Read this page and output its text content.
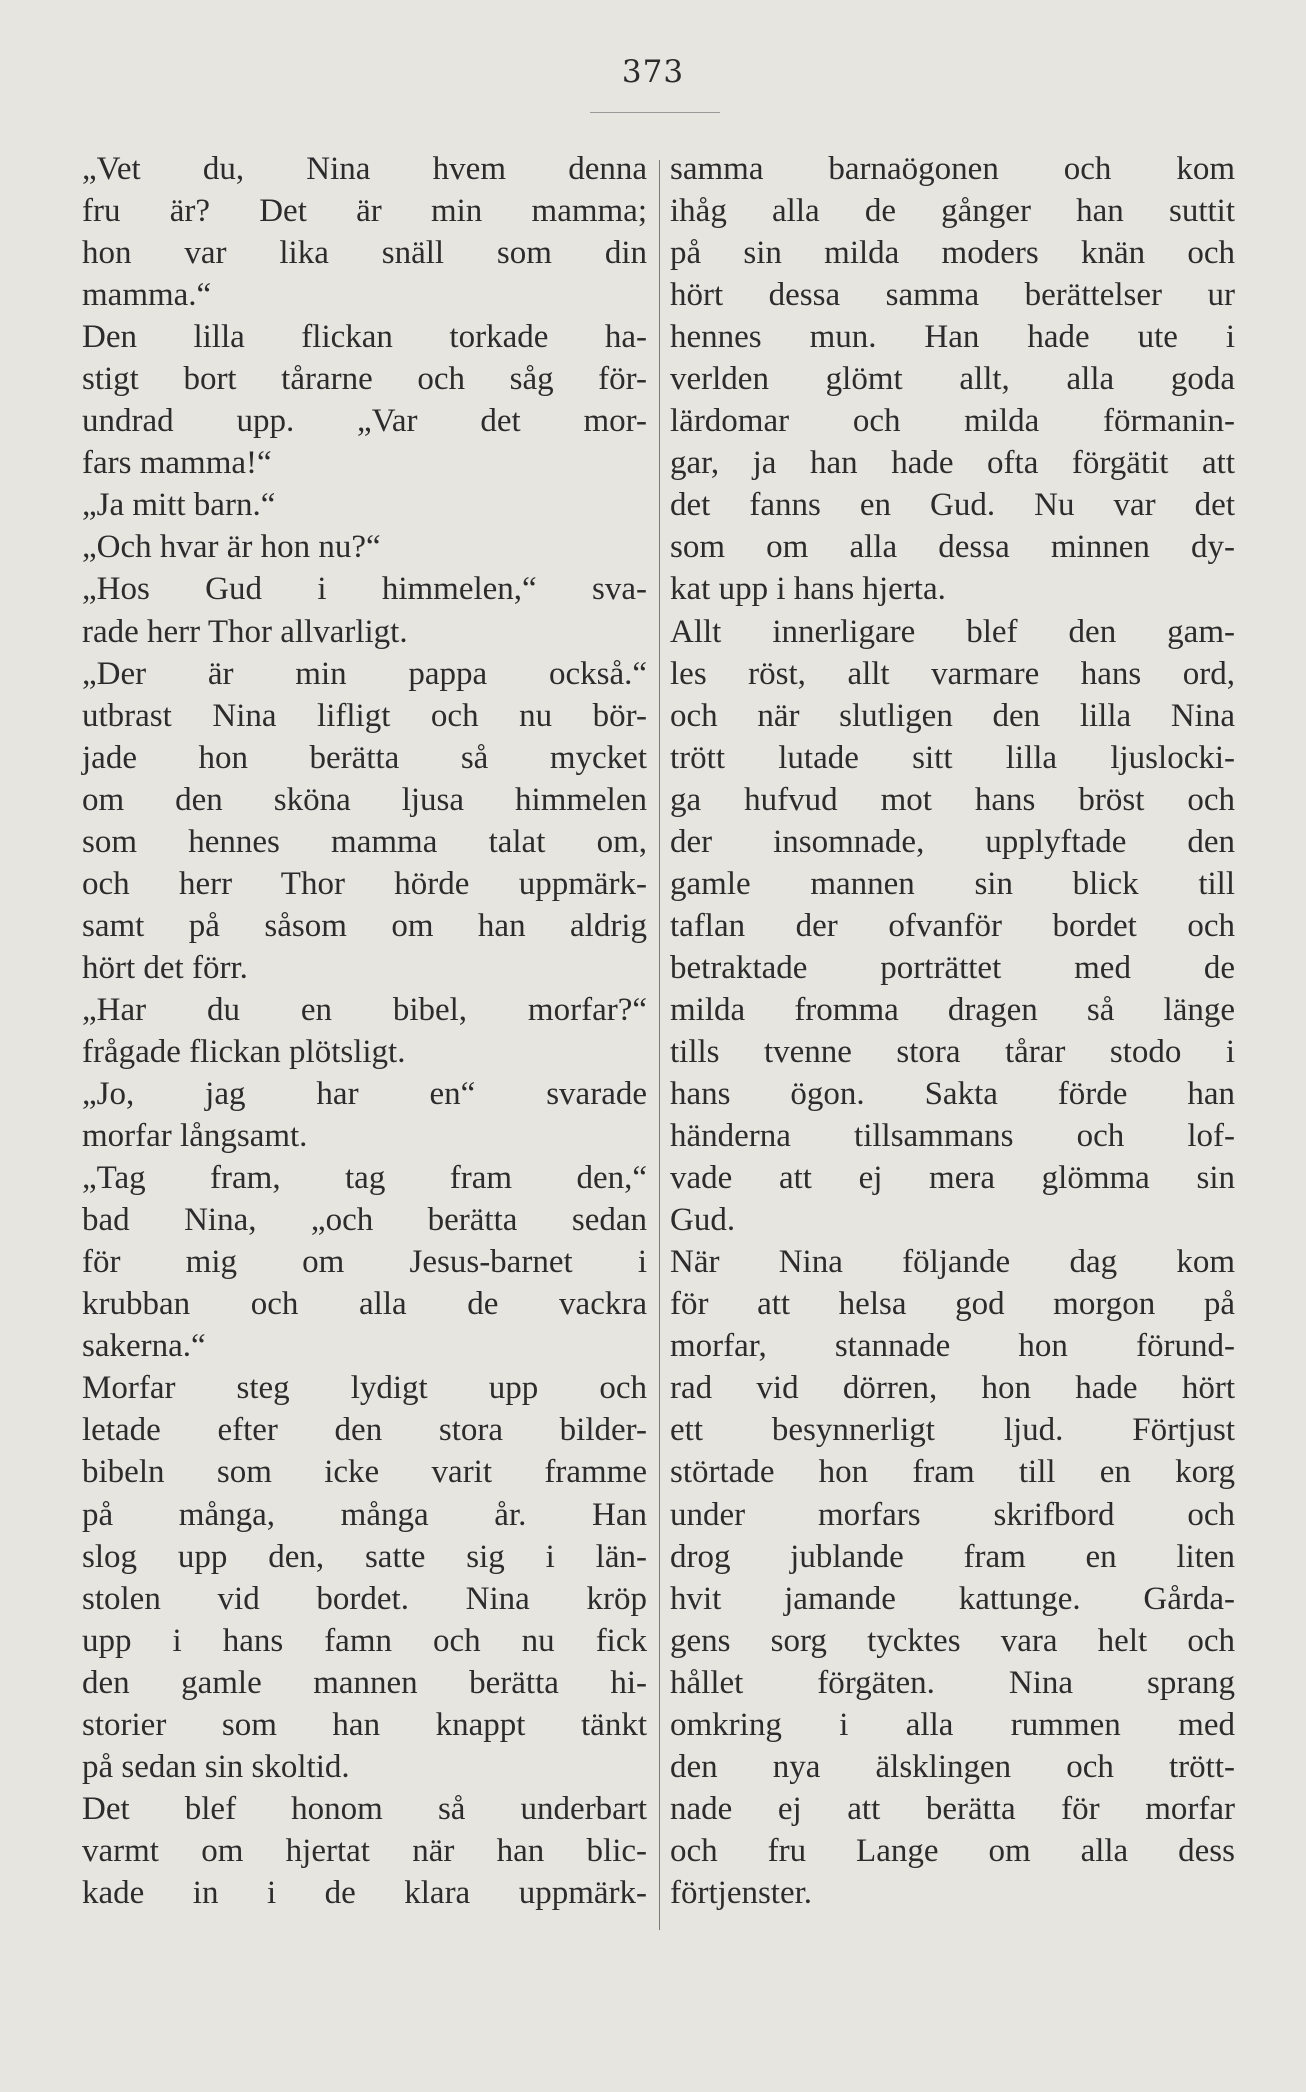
373
„Vet du, Nina hvem denna
fru är? Det är min mamma;
hon var lika snäll som din
mamma.“
Den lilla flickan torkade ha-
stigt bort tårarne och såg för-
undrad upp. „Var det mor-
fars mamma!“
„Ja mitt barn.“
„Och hvar är hon nu?“
„Hos Gud i himmelen,“ sva-
rade herr Thor allvarligt.
„Der är min pappa också.“
utbrast Nina lifligt och nu bör-
jade hon berätta så mycket
om den sköna ljusa himmelen
som hennes mamma talat om,
och herr Thor hörde uppmärk-
samt på såsom om han aldrig
hört det förr.
„Har du en bibel, morfar?“
frågade flickan plötsligt.
„Jo, jag har en“ svarade
morfar långsamt.
„Tag fram, tag fram den,“
bad Nina, „och berätta sedan
för mig om Jesus-barnet i
krubban och alla de vackra
sakerna.“
Morfar steg lydigt upp och
letade efter den stora bilder-
bibeln som icke varit framme
på många, många år. Han
slog upp den, satte sig i län-
stolen vid bordet. Nina kröp
upp i hans famn och nu fick
den gamle mannen berätta hi-
storier som han knappt tänkt
på sedan sin skoltid.
Det blef honom så underbart
varmt om hjertat när han blic-
kade in i de klara uppmärk-
samma barnaögonen och kom
ihåg alla de gånger han suttit
på sin milda moders knän och
hört dessa samma berättelser ur
hennes mun. Han hade ute i
verlden glömt allt, alla goda
lärdomar och milda förmanin-
gar, ja han hade ofta förgätit att
det fanns en Gud. Nu var det
som om alla dessa minnen dy-
kat upp i hans hjerta.
Allt innerligare blef den gam-
les röst, allt varmare hans ord,
och när slutligen den lilla Nina
trött lutade sitt lilla ljuslocki-
ga hufvud mot hans bröst och
der insomnade, upplyftade den
gamle mannen sin blick till
taflan der ofvanför bordet och
betraktade porträttet med de
milda fromma dragen så länge
tills tvenne stora tårar stodo i
hans ögon. Sakta förde han
händerna tillsammans och lof-
vade att ej mera glömma sin
Gud.
När Nina följande dag kom
för att helsa god morgon på
morfar, stannade hon förund-
rad vid dörren, hon hade hört
ett besynnerligt ljud. Förtjust
störtade hon fram till en korg
under morfars skrifbord och
drog jublande fram en liten
hvit jamande kattunge. Gårda-
gens sorg tycktes vara helt och
hållet förgäten. Nina sprang
omkring i alla rummen med
den nya älsklingen och trött-
nade ej att berätta för morfar
och fru Lange om alla dess
förtjenster.
